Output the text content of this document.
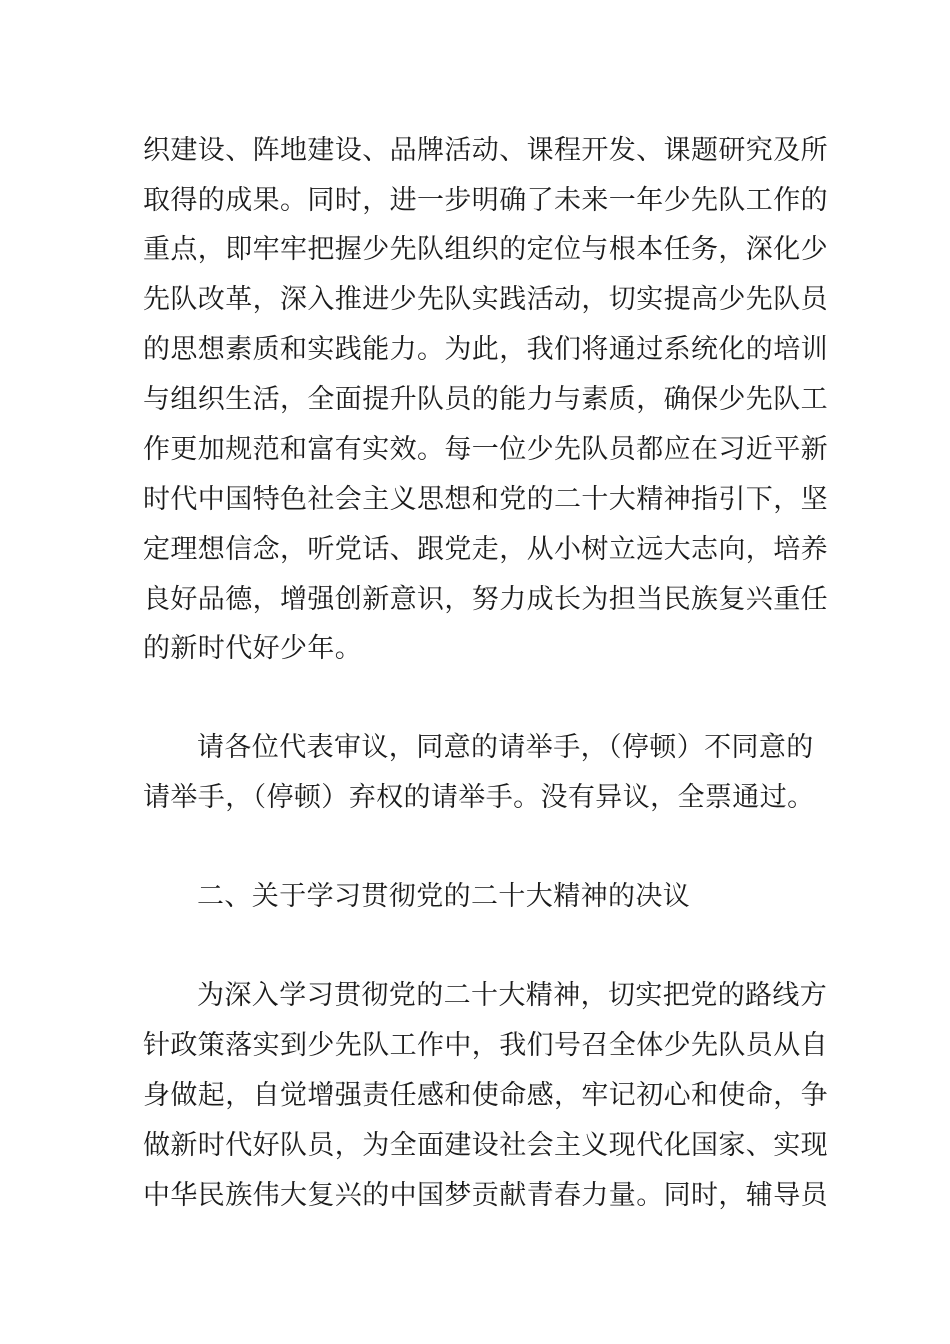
织建设、阵地建设、品牌活动、课程开发、课题研究及所
取得的成果。同时，进一步明确了未来一年少先队工作的
重点，即牢牢把握少先队组织的定位与根本任务，深化少
先队改革，深入推进少先队实践活动，切实提高少先队员
的思想素质和实践能力。为此，我们将通过系统化的培训
与组织生活，全面提升队员的能力与素质，确保少先队工
作更加规范和富有实效。每一位少先队员都应在习近平新
时代中国特色社会主义思想和党的二十大精神指引下，坚
定理想信念，听党话、跟党走，从小树立远大志向，培养
良好品德，增强创新意识，努力成长为担当民族复兴重任
的新时代好少年。
请各位代表审议，同意的请举手，（停顿）不同意的
请举手，（停顿）弃权的请举手。没有异议，全票通过。
二、关于学习贯彻党的二十大精神的决议
为深入学习贯彻党的二十大精神，切实把党的路线方
针政策落实到少先队工作中，我们号召全体少先队员从自
身做起，自觉增强责任感和使命感，牢记初心和使命，争
做新时代好队员，为全面建设社会主义现代化国家、实现
中华民族伟大复兴的中国梦贡献青春力量。同时，辅导员
